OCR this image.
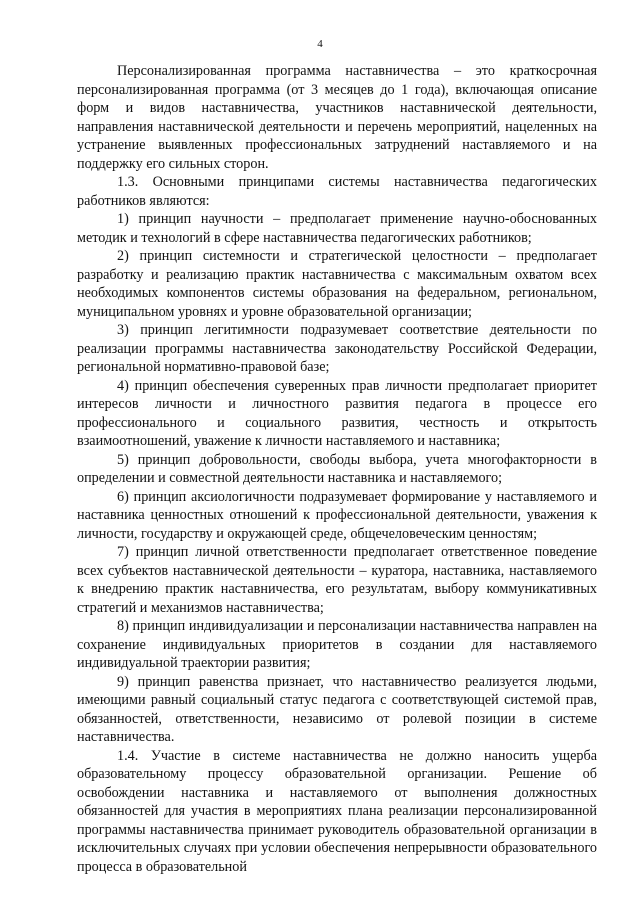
4

Персонализированная программа наставничества – это краткосрочная персонализированная программа (от 3 месяцев до 1 года), включающая описание форм и видов наставничества, участников наставнической деятельности, направления наставнической деятельности и перечень мероприятий, нацеленных на устранение выявленных профессиональных затруднений наставляемого и на поддержку его сильных сторон.

1.3. Основными принципами системы наставничества педагогических работников являются:

1) принцип научности – предполагает применение научно-обоснованных методик и технологий в сфере наставничества педагогических работников;

2) принцип системности и стратегической целостности – предполагает разработку и реализацию практик наставничества с максимальным охватом всех необходимых компонентов системы образования на федеральном, региональном, муниципальном уровнях и уровне образовательной организации;

3) принцип легитимности подразумевает соответствие деятельности по реализации программы наставничества законодательству Российской Федерации, региональной нормативно-правовой базе;

4) принцип обеспечения суверенных прав личности предполагает приоритет интересов личности и личностного развития педагога в процессе его профессионального и социального развития, честность и открытость взаимоотношений, уважение к личности наставляемого и наставника;

5) принцип добровольности, свободы выбора, учета многофакторности в определении и совместной деятельности наставника и наставляемого;

6) принцип аксиологичности подразумевает формирование у наставляемого и наставника ценностных отношений к профессиональной деятельности, уважения к личности, государству и окружающей среде, общечеловеческим ценностям;

7) принцип личной ответственности предполагает ответственное поведение всех субъектов наставнической деятельности – куратора, наставника, наставляемого к внедрению практик наставничества, его результатам, выбору коммуникативных стратегий и механизмов наставничества;

8) принцип индивидуализации и персонализации наставничества направлен на сохранение индивидуальных приоритетов в создании для наставляемого индивидуальной траектории развития;

9) принцип равенства признает, что наставничество реализуется людьми, имеющими равный социальный статус педагога с соответствующей системой прав, обязанностей, ответственности, независимо от ролевой позиции в системе наставничества.

1.4. Участие в системе наставничества не должно наносить ущерба образовательному процессу образовательной организации. Решение об освобождении наставника и наставляемого от выполнения должностных обязанностей для участия в мероприятиях плана реализации персонализированной программы наставничества принимает руководитель образовательной организации в исключительных случаях при условии обеспечения непрерывности образовательного процесса в образовательной
